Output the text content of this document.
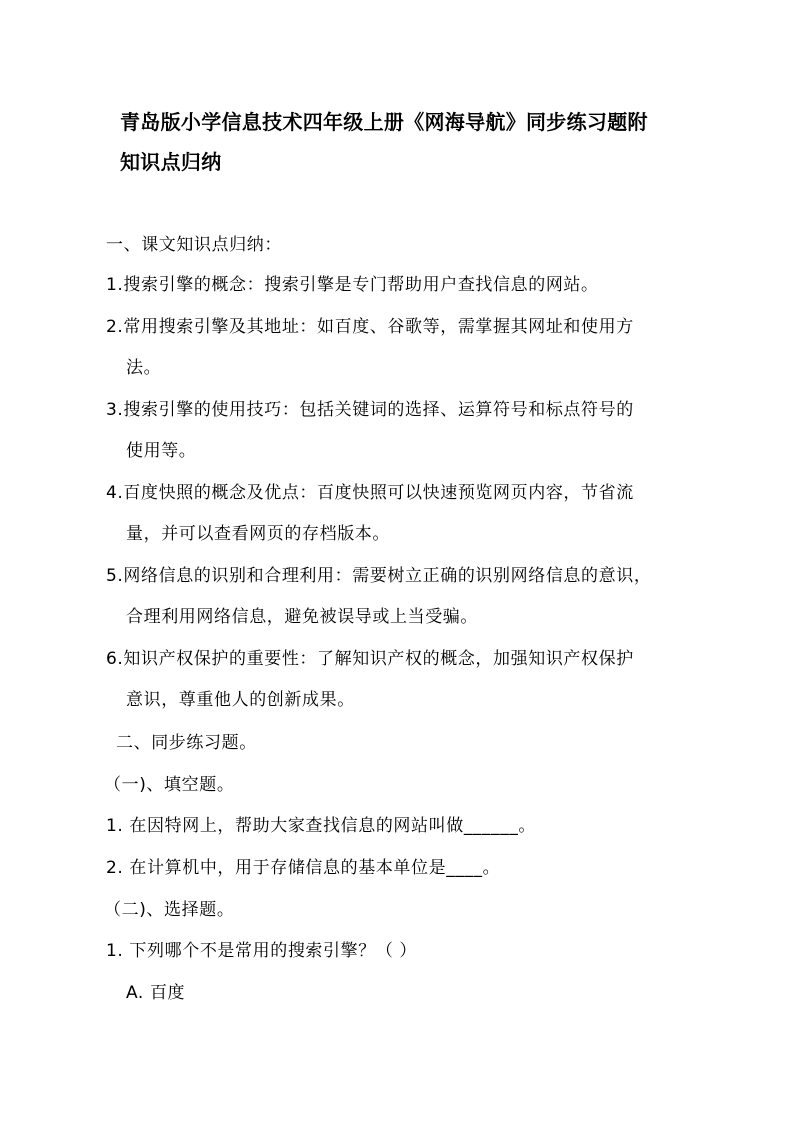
青岛版小学信息技术四年级上册《网海导航》同步练习题附
知识点归纳
一、课文知识点归纳：
1.搜索引擎的概念：搜索引擎是专门帮助用户查找信息的网站。
2.常用搜索引擎及其地址：如百度、谷歌等，需掌握其网址和使用方
法。
3.搜索引擎的使用技巧：包括关键词的选择、运算符号和标点符号的
使用等。
4.百度快照的概念及优点：百度快照可以快速预览网页内容，节省流
量，并可以查看网页的存档版本。
5.网络信息的识别和合理利用：需要树立正确的识别网络信息的意识，
合理利用网络信息，避免被误导或上当受骗。
6.知识产权保护的重要性：了解知识产权的概念，加强知识产权保护
意识，尊重他人的创新成果。
二、同步练习题。
（一)、填空题。
1. 在因特网上，帮助大家查找信息的网站叫做______。
2. 在计算机中，用于存储信息的基本单位是____。
（二)、选择题。
1. 下列哪个不是常用的搜索引擎？（ ）
A. 百度
